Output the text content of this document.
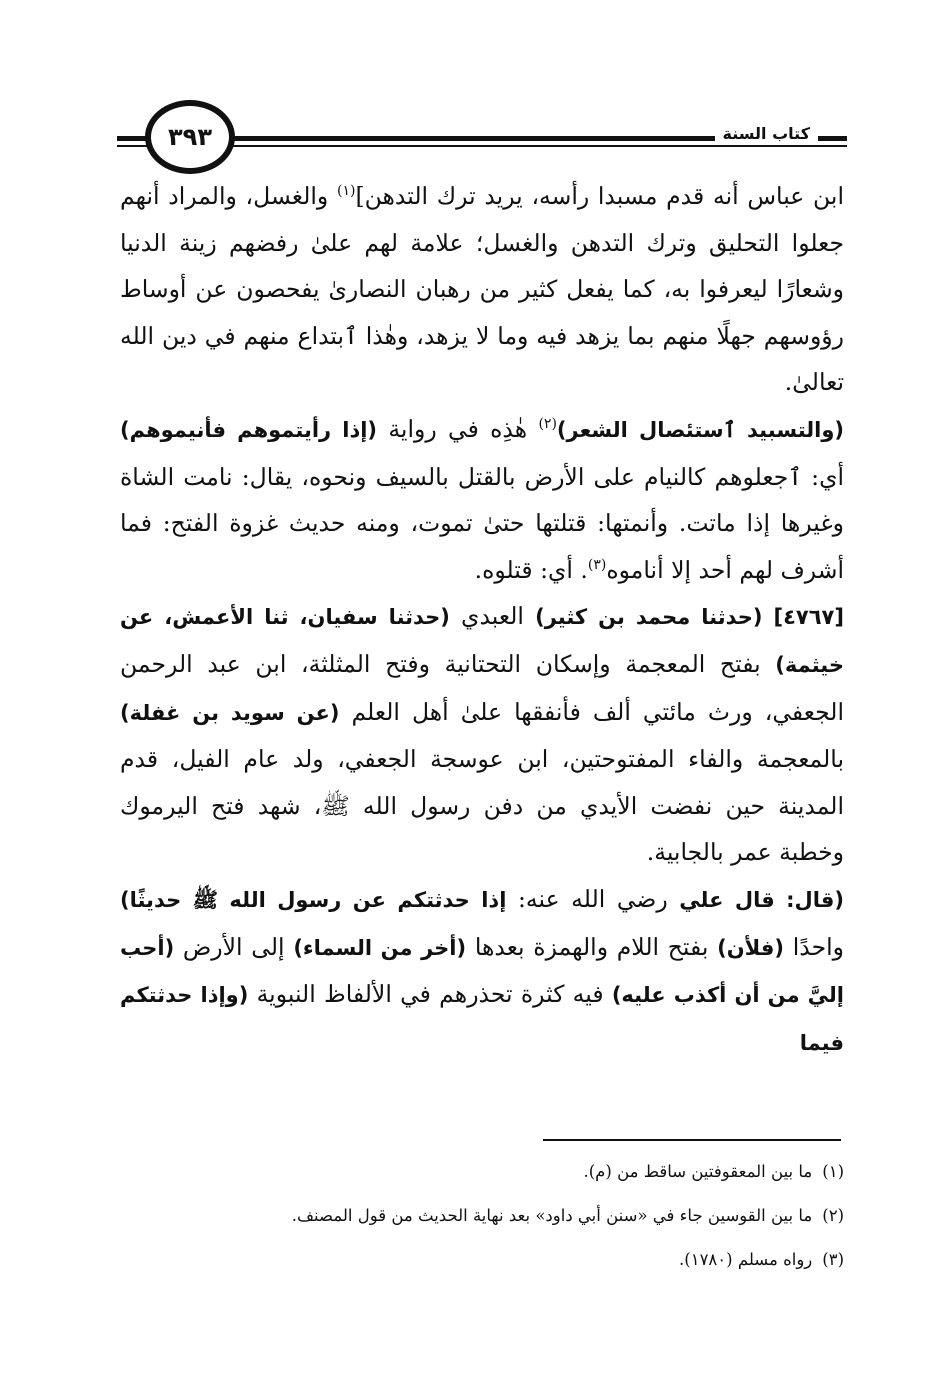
كتاب السنة
٣٩٣

ابن عباس أنه قدم مسبدا رأسه، يريد ترك التدهن]$^{(١)}$ والغسل، والمراد أنهم جعلوا التحليق وترك التدهن والغسل؛ علامة لهم علىٰ رفضهم زينة الدنيا وشعارًا ليعرفوا به، كما يفعل كثير من رهبان النصارىٰ يفحصون عن أوساط رؤوسهم جهلًا منهم بما يزهد فيه وما لا يزهد، وهٰذا ٱبتداع منهم في دين الله تعالىٰ.

(والتسبيد ٱستئصال الشعر)$^{(٢)}$ هٰذِه في رواية (إذا رأيتموهم فأنيموهم) أي: ٱجعلوهم كالنيام على الأرض بالقتل بالسيف ونحوه، يقال: نامت الشاة وغيرها إذا ماتت. وأنمتها: قتلتها حتىٰ تموت، ومنه حديث غزوة الفتح: فما أشرف لهم أحد إلا أناموه$^{(٣)}$. أي: قتلوه.

[٤٧٦٧] (حدثنا محمد بن كثير) العبدي (حدثنا سفيان، ثنا الأعمش، عن خيثمة) بفتح المعجمة وإسكان التحتانية وفتح المثلثة، ابن عبد الرحمن الجعفي، ورث مائتي ألف فأنفقها علىٰ أهل العلم (عن سويد بن غفلة) بالمعجمة والفاء المفتوحتين، ابن عوسجة الجعفي، ولد عام الفيل، قدم المدينة حين نفضت الأيدي من دفن رسول الله ﷺ، شهد فتح اليرموك وخطبة عمر بالجابية.

(قال: قال علي رضي الله عنه: إذا حدثتكم عن رسول الله ﷺ حديثًا) واحدًا (فلأن) بفتح اللام والهمزة بعدها (أخر من السماء) إلى الأرض (أحب إليَّ من أن أكذب عليه) فيه كثرة تحذرهم في الألفاظ النبوية (وإذا حدثتكم فيما

(١)ما بين المعقوفتين ساقط من (م).

(٢)ما بين القوسين جاء في «سنن أبي داود» بعد نهاية الحديث من قول المصنف.

(٣)رواه مسلم (١٧٨٠).
